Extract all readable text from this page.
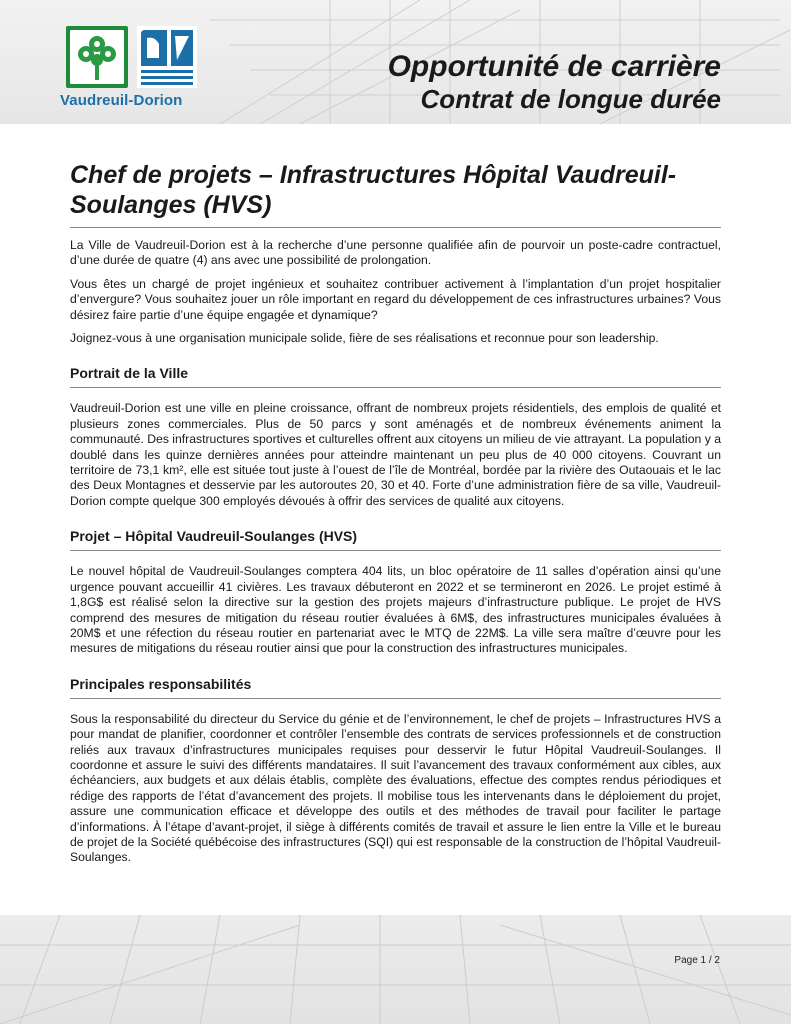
Vaudreuil-Dorion
Opportunité de carrière
Contrat de longue durée
Chef de projets – Infrastructures Hôpital Vaudreuil-Soulanges (HVS)

La Ville de Vaudreuil-Dorion est à la recherche d’une personne qualifiée afin de pourvoir un poste-cadre contractuel, d’une durée de quatre (4) ans avec une possibilité de prolongation.

Vous êtes un chargé de projet ingénieux et souhaitez contribuer activement à l’implantation d’un projet hospitalier d’envergure? Vous souhaitez jouer un rôle important en regard du développement de ces infrastructures urbaines? Vous désirez faire partie d’une équipe engagée et dynamique?

Joignez-vous à une organisation municipale solide, fière de ses réalisations et reconnue pour son leadership.

Portrait de la Ville

Vaudreuil-Dorion est une ville en pleine croissance, offrant de nombreux projets résidentiels, des emplois de qualité et plusieurs zones commerciales. Plus de 50 parcs y sont aménagés et de nombreux événements animent la communauté. Des infrastructures sportives et culturelles offrent aux citoyens un milieu de vie attrayant. La population y a doublé dans les quinze dernières années pour atteindre maintenant un peu plus de 40 000 citoyens. Couvrant un territoire de 73,1 km², elle est située tout juste à l’ouest de l’île de Montréal, bordée par la rivière des Outaouais et le lac des Deux Montagnes et desservie par les autoroutes 20, 30 et 40. Forte d’une administration fière de sa ville, Vaudreuil-Dorion compte quelque 300 employés dévoués à offrir des services de qualité aux citoyens.

Projet – Hôpital Vaudreuil-Soulanges (HVS)

Le nouvel hôpital de Vaudreuil-Soulanges comptera 404 lits, un bloc opératoire de 11 salles d’opération ainsi qu’une urgence pouvant accueillir 41 civières. Les travaux débuteront en 2022 et se termineront en 2026. Le projet estimé à 1,8G$ est réalisé selon la directive sur la gestion des projets majeurs d’infrastructure publique. Le projet de HVS comprend des mesures de mitigation du réseau routier évaluées à 6M$, des infrastructures municipales évaluées à 20M$ et une réfection du réseau routier en partenariat avec le MTQ de 22M$. La ville sera maître d’œuvre pour les mesures de mitigations du réseau routier ainsi que pour la construction des infrastructures municipales.

Principales responsabilités

Sous la responsabilité du directeur du Service du génie et de l’environnement, le chef de projets – Infrastructures HVS a pour mandat de planifier, coordonner et contrôler l’ensemble des contrats de services professionnels et de construction reliés aux travaux d’infrastructures municipales requises pour desservir le futur Hôpital Vaudreuil-Soulanges. Il coordonne et assure le suivi des différents mandataires. Il suit l’avancement des travaux conformément aux cibles, aux échéanciers, aux budgets et aux délais établis, complète des évaluations, effectue des comptes rendus périodiques et rédige des rapports de l’état d’avancement des projets. Il mobilise tous les intervenants dans le déploiement du projet, assure une communication efficace et développe des outils et des méthodes de travail pour faciliter le partage d’informations. À l’étape d’avant-projet, il siège à différents comités de travail et assure le lien entre la Ville et le bureau de projet de la Société québécoise des infrastructures (SQI) qui est responsable de la construction de l’hôpital Vaudreuil-Soulanges.

Page 1 / 2
